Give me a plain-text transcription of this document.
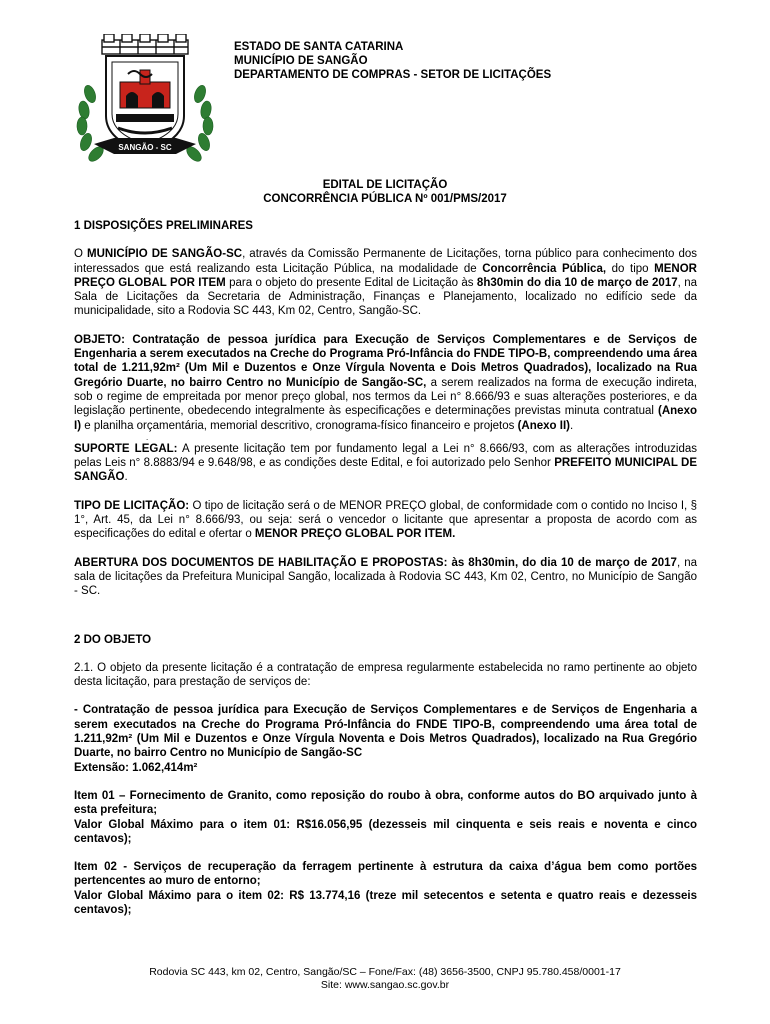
SANGÃO - SC
ESTADO DE SANTA CATARINA
MUNICÍPIO DE SANGÃO
DEPARTAMENTO DE COMPRAS - SETOR DE LICITAÇÕES
EDITAL DE LICITAÇÃO
CONCORRÊNCIA PÚBLICA Nº 001/PMS/2017

1 DISPOSIÇÕES PRELIMINARES

O MUNICÍPIO DE SANGÃO-SC, através da Comissão Permanente de Licitações, torna público para conhecimento dos interessados que está realizando esta Licitação Pública, na modalidade de Concorrência Pública, do tipo MENOR PREÇO GLOBAL POR ITEM para o objeto do presente Edital de Licitação às 8h30min do dia 10 de março de 2017, na Sala de Licitações da Secretaria de Administração, Finanças e Planejamento, localizado no edifício sede da municipalidade, sito a Rodovia SC 443, Km 02, Centro, Sangão-SC.

OBJETO: Contratação de pessoa jurídica para Execução de Serviços Complementares e de Serviços de Engenharia a serem executados na Creche do Programa Pró-Infância do FNDE TIPO-B, compreendendo uma área total de 1.211,92m² (Um Mil e Duzentos e Onze Vírgula Noventa e Dois Metros Quadrados), localizado na Rua Gregório Duarte, no bairro Centro no Município de Sangão-SC, a serem realizados na forma de execução indireta, sob o regime de empreitada por menor preço global, nos termos da Lei n° 8.666/93 e suas alterações posteriores, e da legislação pertinente, obedecendo integralmente às especificações e determinações previstas minuta contratual (Anexo I) e planilha orçamentária, memorial descritivo, cronograma-físico financeiro e projetos (Anexo II).

.

SUPORTE LEGAL: A presente licitação tem por fundamento legal a Lei n° 8.666/93, com as alterações introduzidas pelas Leis n° 8.8883/94 e 9.648/98, e as condições deste Edital, e foi autorizado pelo Senhor PREFEITO MUNICIPAL DE SANGÃO.

TIPO DE LICITAÇÃO: O tipo de licitação será o de MENOR PREÇO global, de conformidade com o contido no Inciso I, § 1°, Art. 45, da Lei n° 8.666/93, ou seja: será o vencedor o licitante que apresentar a proposta de acordo com as especificações do edital e ofertar o MENOR PREÇO GLOBAL POR ITEM.

ABERTURA DOS DOCUMENTOS DE HABILITAÇÃO E PROPOSTAS: às 8h30min, do dia 10 de março de 2017, na sala de licitações da Prefeitura Municipal Sangão, localizada à Rodovia SC 443, Km 02, Centro, no Município de Sangão - SC.

2 DO OBJETO

2.1. O objeto da presente licitação é a contratação de empresa regularmente estabelecida no ramo pertinente ao objeto desta licitação, para prestação de serviços de:

- Contratação de pessoa jurídica para Execução de Serviços Complementares e de Serviços de Engenharia a serem executados na Creche do Programa Pró-Infância do FNDE TIPO-B, compreendendo uma área total de 1.211,92m² (Um Mil e Duzentos e Onze Vírgula Noventa e Dois Metros Quadrados), localizado na Rua Gregório Duarte, no bairro Centro no Município de Sangão-SC
Extensão: 1.062,414m²

Item 01 – Fornecimento de Granito, como reposição do roubo à obra, conforme autos do BO arquivado junto à esta prefeitura;
Valor Global Máximo para o item 01: R$16.056,95 (dezesseis mil cinquenta e seis reais e noventa e cinco centavos);

Item 02 - Serviços de recuperação da ferragem pertinente à estrutura da caixa d’água bem como portões pertencentes ao muro de entorno;
Valor Global Máximo para o item 02: R$ 13.774,16 (treze mil setecentos e setenta e quatro reais e dezesseis centavos);

Rodovia SC 443, km 02, Centro, Sangão/SC – Fone/Fax: (48) 3656-3500, CNPJ 95.780.458/0001-17
Site: www.sangao.sc.gov.br
